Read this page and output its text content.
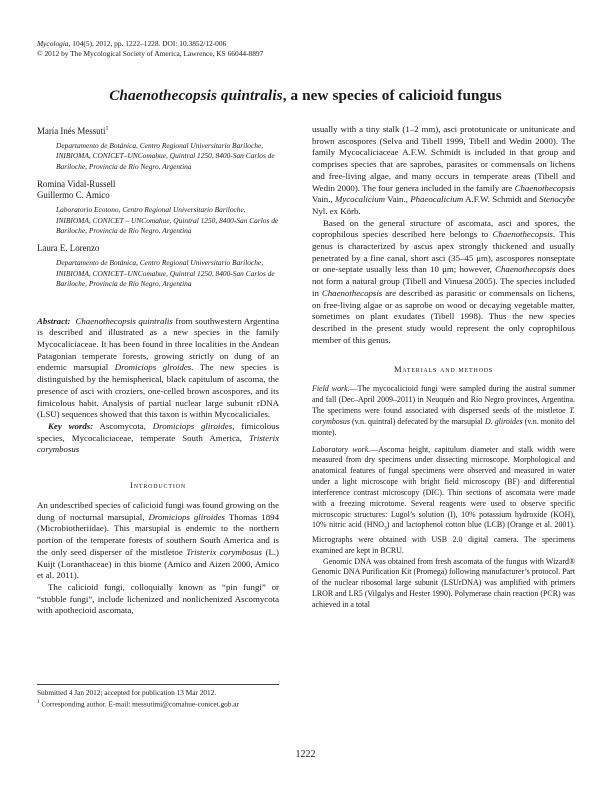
Mycologia, 104(5), 2012, pp. 1222–1228. DOI: 10.3852/12-006
© 2012 by The Mycological Society of America, Lawrence, KS 66044-8897
Chaenothecopsis quintralis, a new species of calicioid fungus

María Inés Messuti$^1$

Departamento de Botánica, Centro Regional Universitario Bariloche, INIBIOMA, CONICET–UNComahue, Quintral 1250, 8400-San Carlos de Bariloche, Provincia de Río Negro, Argentina

Romina Vidal-Russell

Guillermo C. Amico

Laboratorio Ecotono, Centro Regional Universitario Bariloche, INIBIOMA, CONICET – UNComahue, Quintral 1250, 8400-San Carlos de Bariloche, Provincia de Río Negro, Argentina

Laura E. Lorenzo

Departamento de Botánica, Centro Regional Universitario Bariloche, INIBIOMA, CONICET–UNComahue, Quintral 1250, 8400-San Carlos de Bariloche, Provincia de Río Negro, Argentina

Abstract: Chaenothecopsis quintralis from southwestern Argentina is described and illustrated as a new species in the family Mycocaliciaceae. It has been found in three localities in the Andean Patagonian temperate forests, growing strictly on dung of an endemic marsupial Dromiciops glroides. The new species is distinguished by the hemispherical, black capitulum of ascoma, the presence of asci with croziers, one-celled brown ascospores, and its fimicolous habit. Analysis of partial nuclear large subunit rDNA (LSU) sequences showed that this taxon is within Mycocaliciales.

Key words: Ascomycota, Dromiciops gliroides, fimicolous species, Mycocaliciaceae, temperate South America, Tristerix corymbosus

Introduction

An undescribed species of calicioid fungi was found growing on the dung of nocturnal marsupial, Dromiciops gliroides Thomas 1894 (Microbiotheriidae). This marsupial is endemic to the northern portion of the temperate forests of southern South America and is the only seed disperser of the mistletoe Tristerix corymbosus (L.) Kuijt (Loranthaceae) in this biome (Amico and Aizen 2000, Amico et al. 2011).

The calicioid fungi, colloquially known as “pin fungi” or “stubble fungi”, include lichenized and nonlichenized Ascomycota with apothecioid ascomata,

Submitted 4 Jan 2012; accepted for publication 13 Mar 2012.

$^1$ Corresponding author. E-mail: messutimi@comahue-conicet.gob.ar

usually with a tiny stalk (1–2 mm), asci prototunicate or unitunicate and brown ascospores (Selva and Tibell 1999, Tibell and Wedin 2000). The family Mycocaliciaceae A.F.W. Schmidt is included in that group and comprises species that are saprobes, parasites or commensals on lichens and free-living algae, and many occurs in temperate areas (Tibell and Wedin 2000). The four genera included in the family are Chaenothecopsis Vain., Mycocalicium Vain., Phaeocalicium A.F.W. Schmidt and Stenocybe Nyl. ex Körb.

Based on the general structure of ascomata, asci and spores, the coprophilous species described here belongs to Chaenothecopsis. This genus is characterized by ascus apex strongly thickened and usually penetrated by a fine canal, short asci (35–45 μm), ascospores nonseptate or one-septate usually less than 10 μm; however, Chaenothecopsis does not form a natural group (Tibell and Vinuesa 2005). The species included in Chaenothecopsis are described as parasitic or commensals on lichens, on free-living algae or as saprobe on wood or decaying vegetable matter, sometimes on plant exudates (Tibell 1998). Thus the new species described in the present study would represent the only coprophilous member of this genus.

Materials and methods

Field work.—The mycocalicioid fungi were sampled during the austral summer and fall (Dec–April 2009–2011) in Neuquén and Río Negro provinces, Argentina. The specimens were found associated with dispersed seeds of the mistletoe T. corymbosus (v.n. quintral) defecated by the marsupial D. gliroides (v.n. monito del monte).

Laboratory work.—Ascoma height, capitulum diameter and stalk width were measured from dry specimens under dissecting microscope. Morphological and anatomical features of fungal specimens were observed and measured in water under a light microscope with bright field microscopy (BF) and differential interference contrast microscopy (DIC). Thin sections of ascomata were made with a freezing microtome. Several reagents were used to observe specific microscopic structures: Lugol’s solution (I), 10% potassium hydroxide (KOH), 10% nitric acid $(HNO_3)$ and lactophenol cotton blue (LCB) (Orange et al. 2001). Micrographs were obtained with USB 2.0 digital camera. The specimens examined are kept in BCRU.

Genomic DNA was obtained from fresh ascomata of the fungus with Wizard® Genomic DNA Purification Kit (Promega) following manufacturer’s protocol. Part of the nuclear ribosomal large subunit (LSUrDNA) was amplified with primers LROR and LR5 (Vilgalys and Hester 1990). Polymerase chain reaction (PCR) was achieved in a total

1222
